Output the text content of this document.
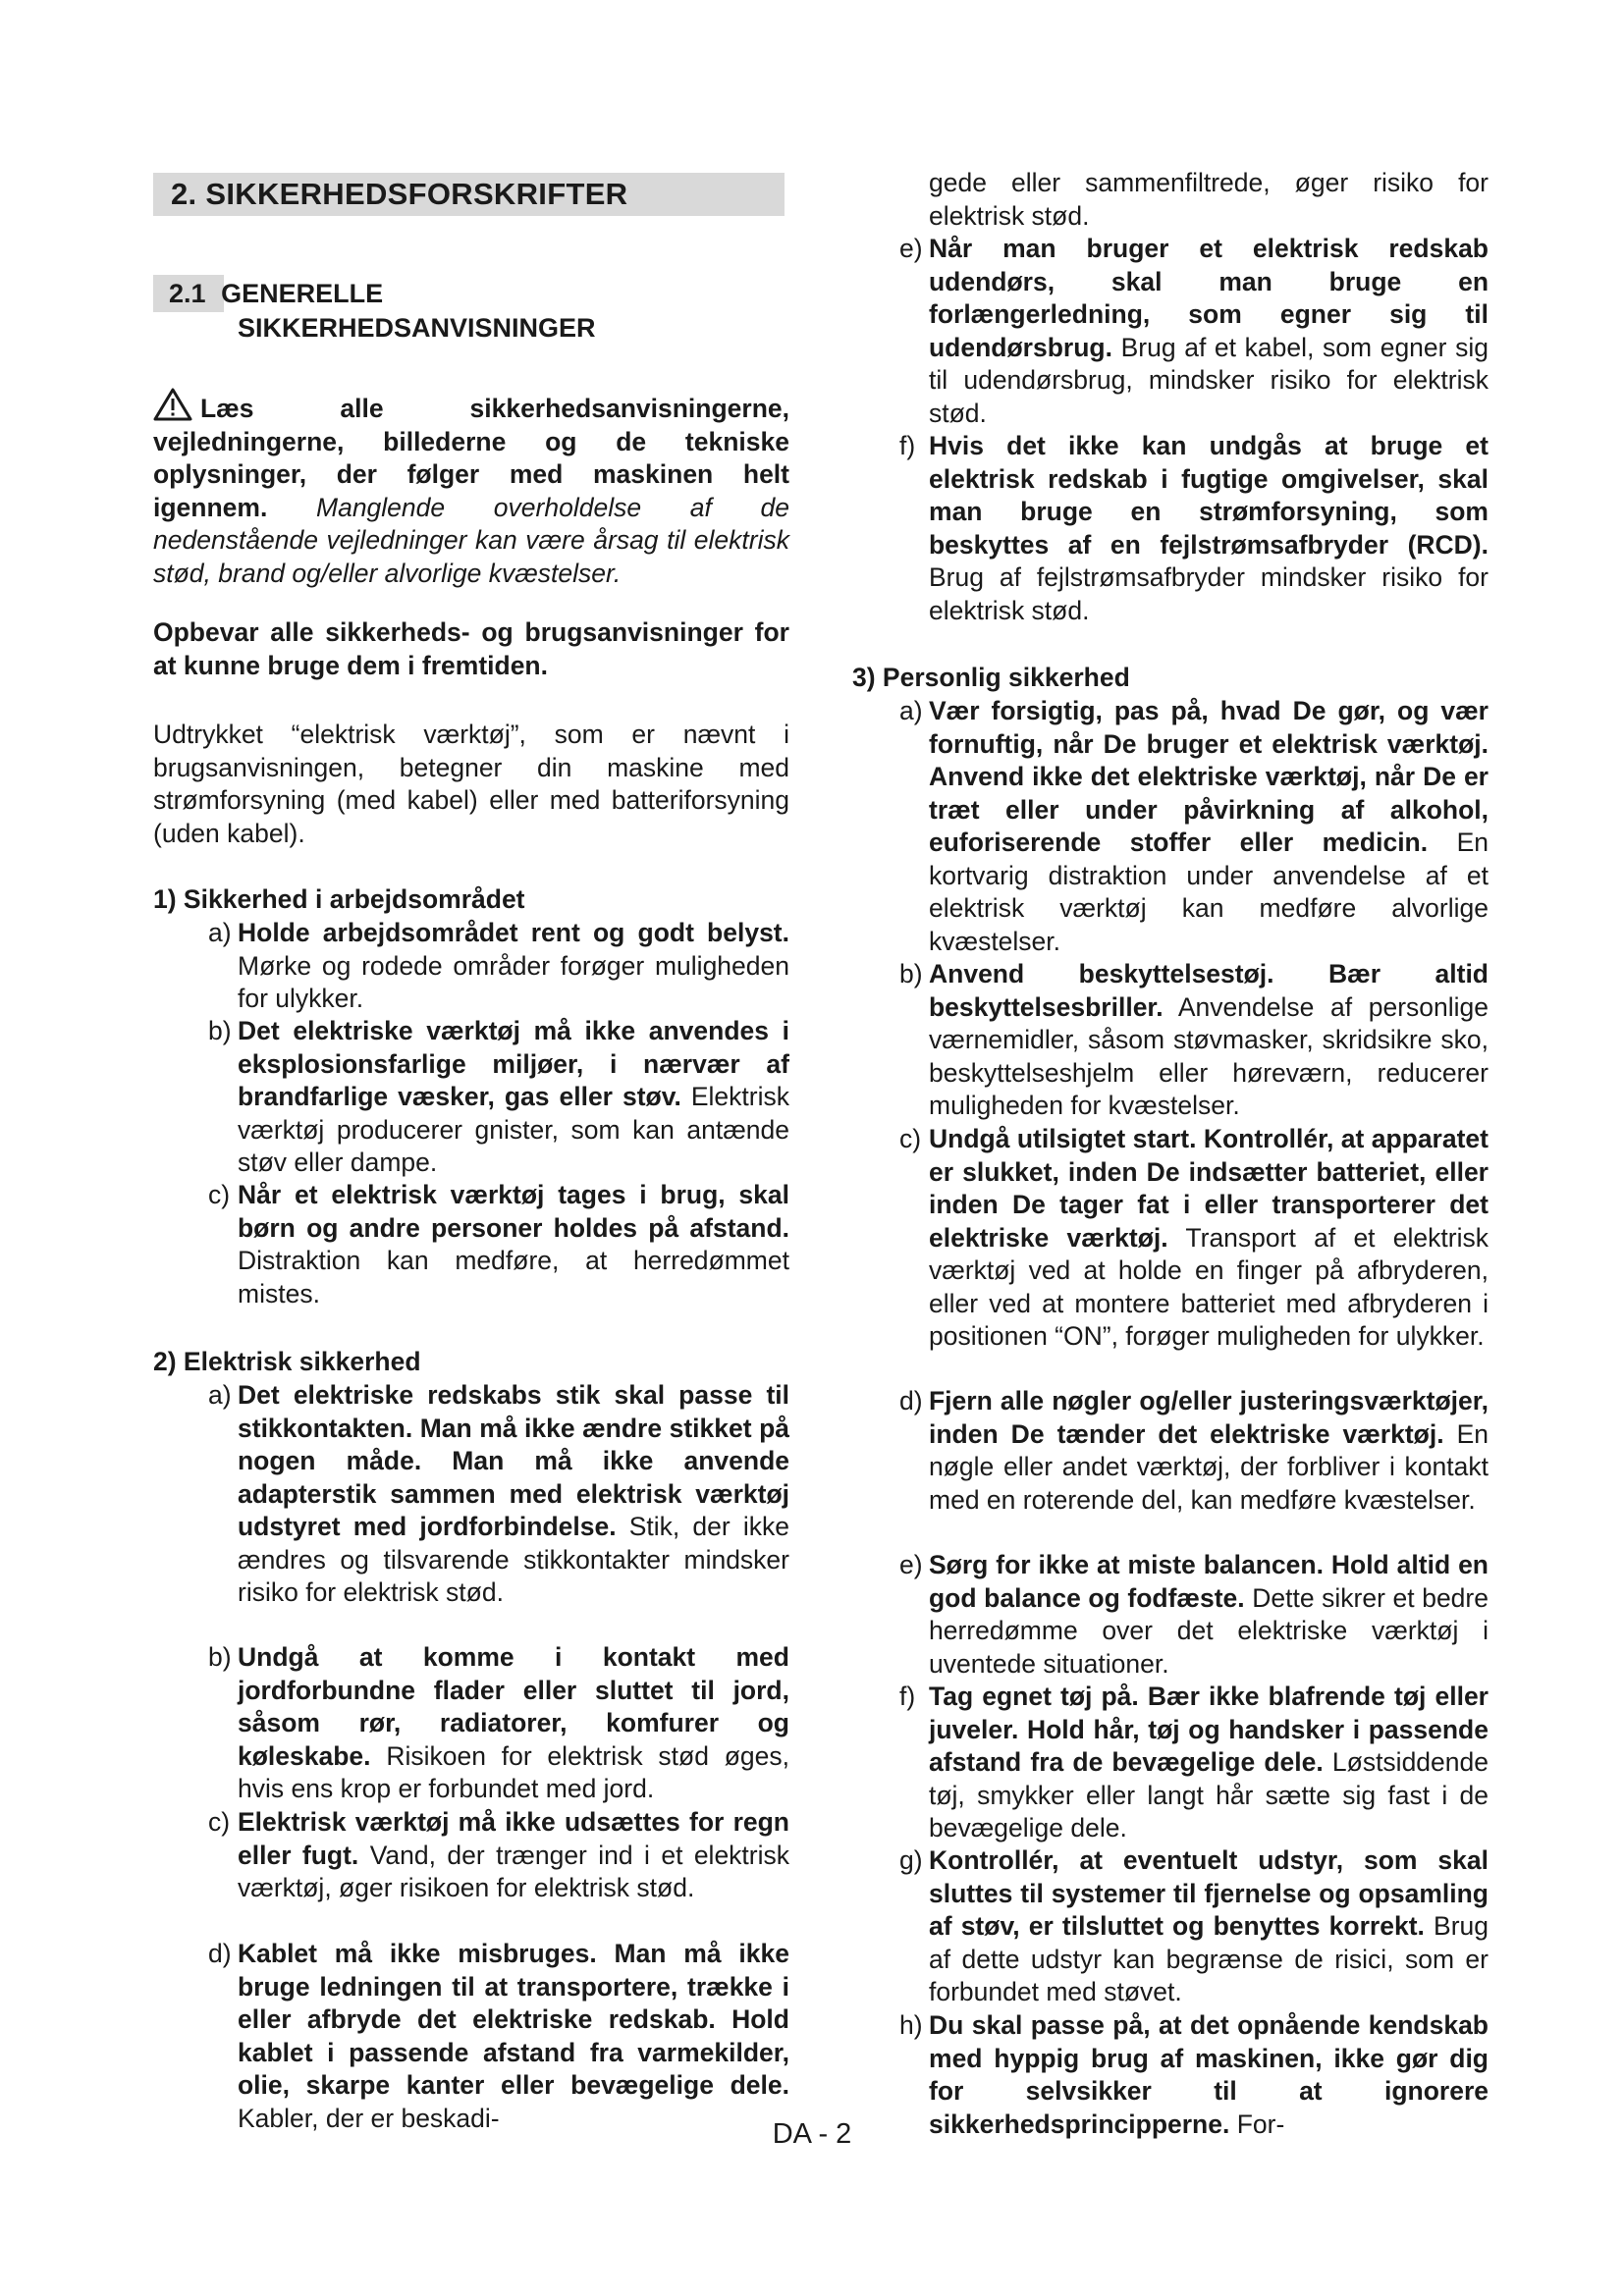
2. SIKKERHEDSFORSKRIFTER
2.1 GENERELLE
SIKKERHEDSANVISNINGER
Læs alle sikkerhedsanvisningerne, vejledningerne, billederne og de tekniske oplysninger, der følger med maskinen helt igennem. Manglende overholdelse af de nedenstående vejledninger kan være årsag til elektrisk stød, brand og/eller alvorlige kvæstelser.
Opbevar alle sikkerheds- og brugsanvisninger for at kunne bruge dem i fremtiden.
Udtrykket “elektrisk værktøj”, som er nævnt i brugsanvisningen, betegner din maskine med strømforsyning (med kabel) eller med batteriforsyning (uden kabel).
1) Sikkerhed i arbejdsområdet
a) Holde arbejdsområdet rent og godt belyst. Mørke og rodede områder forøger muligheden for ulykker.
b) Det elektriske værktøj må ikke anvendes i eksplosionsfarlige miljøer, i nærvær af brandfarlige væsker, gas eller støv. Elektrisk værktøj producerer gnister, som kan antænde støv eller dampe.
c) Når et elektrisk værktøj tages i brug, skal børn og andre personer holdes på afstand. Distraktion kan medføre, at herredømmet mistes.
2) Elektrisk sikkerhed
a) Det elektriske redskabs stik skal passe til stikkontakten. Man må ikke ændre stikket på nogen måde. Man må ikke anvende adapterstik sammen med elektrisk værktøj udstyret med jordforbindelse. Stik, der ikke ændres og tilsvarende stikkontakter mindsker risiko for elektrisk stød.
b) Undgå at komme i kontakt med jordforbundne flader eller sluttet til jord, såsom rør, radiatorer, komfurer og køleskabe. Risikoen for elektrisk stød øges, hvis ens krop er forbundet med jord.
c) Elektrisk værktøj må ikke udsættes for regn eller fugt. Vand, der trænger ind i et elektrisk værktøj, øger risikoen for elektrisk stød.
d) Kablet må ikke misbruges. Man må ikke bruge ledningen til at transportere, trække i eller afbryde det elektriske redskab. Hold kablet i passende afstand fra varmekilder, olie, skarpe kanter eller bevægelige dele. Kabler, der er beskadi-
gede eller sammenfiltrede, øger risiko for elektrisk stød.
e) Når man bruger et elektrisk redskab udendørs, skal man bruge en forlængerledning, som egner sig til udendørsbrug. Brug af et kabel, som egner sig til udendørsbrug, mindsker risiko for elektrisk stød.
f) Hvis det ikke kan undgås at bruge et elektrisk redskab i fugtige omgivelser, skal man bruge en strømforsyning, som beskyttes af en fejlstrømsafbryder (RCD). Brug af fejlstrømsafbryder mindsker risiko for elektrisk stød.
3) Personlig sikkerhed
a) Vær forsigtig, pas på, hvad De gør, og vær fornuftig, når De bruger et elektrisk værktøj. Anvend ikke det elektriske værktøj, når De er træt eller under påvirkning af alkohol, euforiserende stoffer eller medicin. En kortvarig distraktion under anvendelse af et elektrisk værktøj kan medføre alvorlige kvæstelser.
b) Anvend beskyttelsestøj. Bær altid beskyttelsesbriller. Anvendelse af personlige værnemidler, såsom støvmasker, skridsikre sko, beskyttelseshjelm eller høreværn, reducerer muligheden for kvæstelser.
c) Undgå utilsigtet start. Kontrollér, at apparatet er slukket, inden De indsætter batteriet, eller inden De tager fat i eller transporterer det elektriske værktøj. Transport af et elektrisk værktøj ved at holde en finger på afbryderen, eller ved at montere batteriet med afbryderen i positionen “ON”, forøger muligheden for ulykker.
d) Fjern alle nøgler og/eller justeringsværktøjer, inden De tænder det elektriske værktøj. En nøgle eller andet værktøj, der forbliver i kontakt med en roterende del, kan medføre kvæstelser.
e) Sørg for ikke at miste balancen. Hold altid en god balance og fodfæste. Dette sikrer et bedre herredømme over det elektriske værktøj i uventede situationer.
f) Tag egnet tøj på. Bær ikke blafrende tøj eller juveler. Hold hår, tøj og handsker i passende afstand fra de bevægelige dele. Løstsiddende tøj, smykker eller langt hår sætte sig fast i de bevægelige dele.
g) Kontrollér, at eventuelt udstyr, som skal sluttes til systemer til fjernelse og opsamling af støv, er tilsluttet og benyttes korrekt. Brug af dette udstyr kan begrænse de risici, som er forbundet med støvet.
h) Du skal passe på, at det opnående kendskab med hyppig brug af maskinen, ikke gør dig for selvsikker til at ignorere sikkerhedsprincipperne. For-
DA - 2
